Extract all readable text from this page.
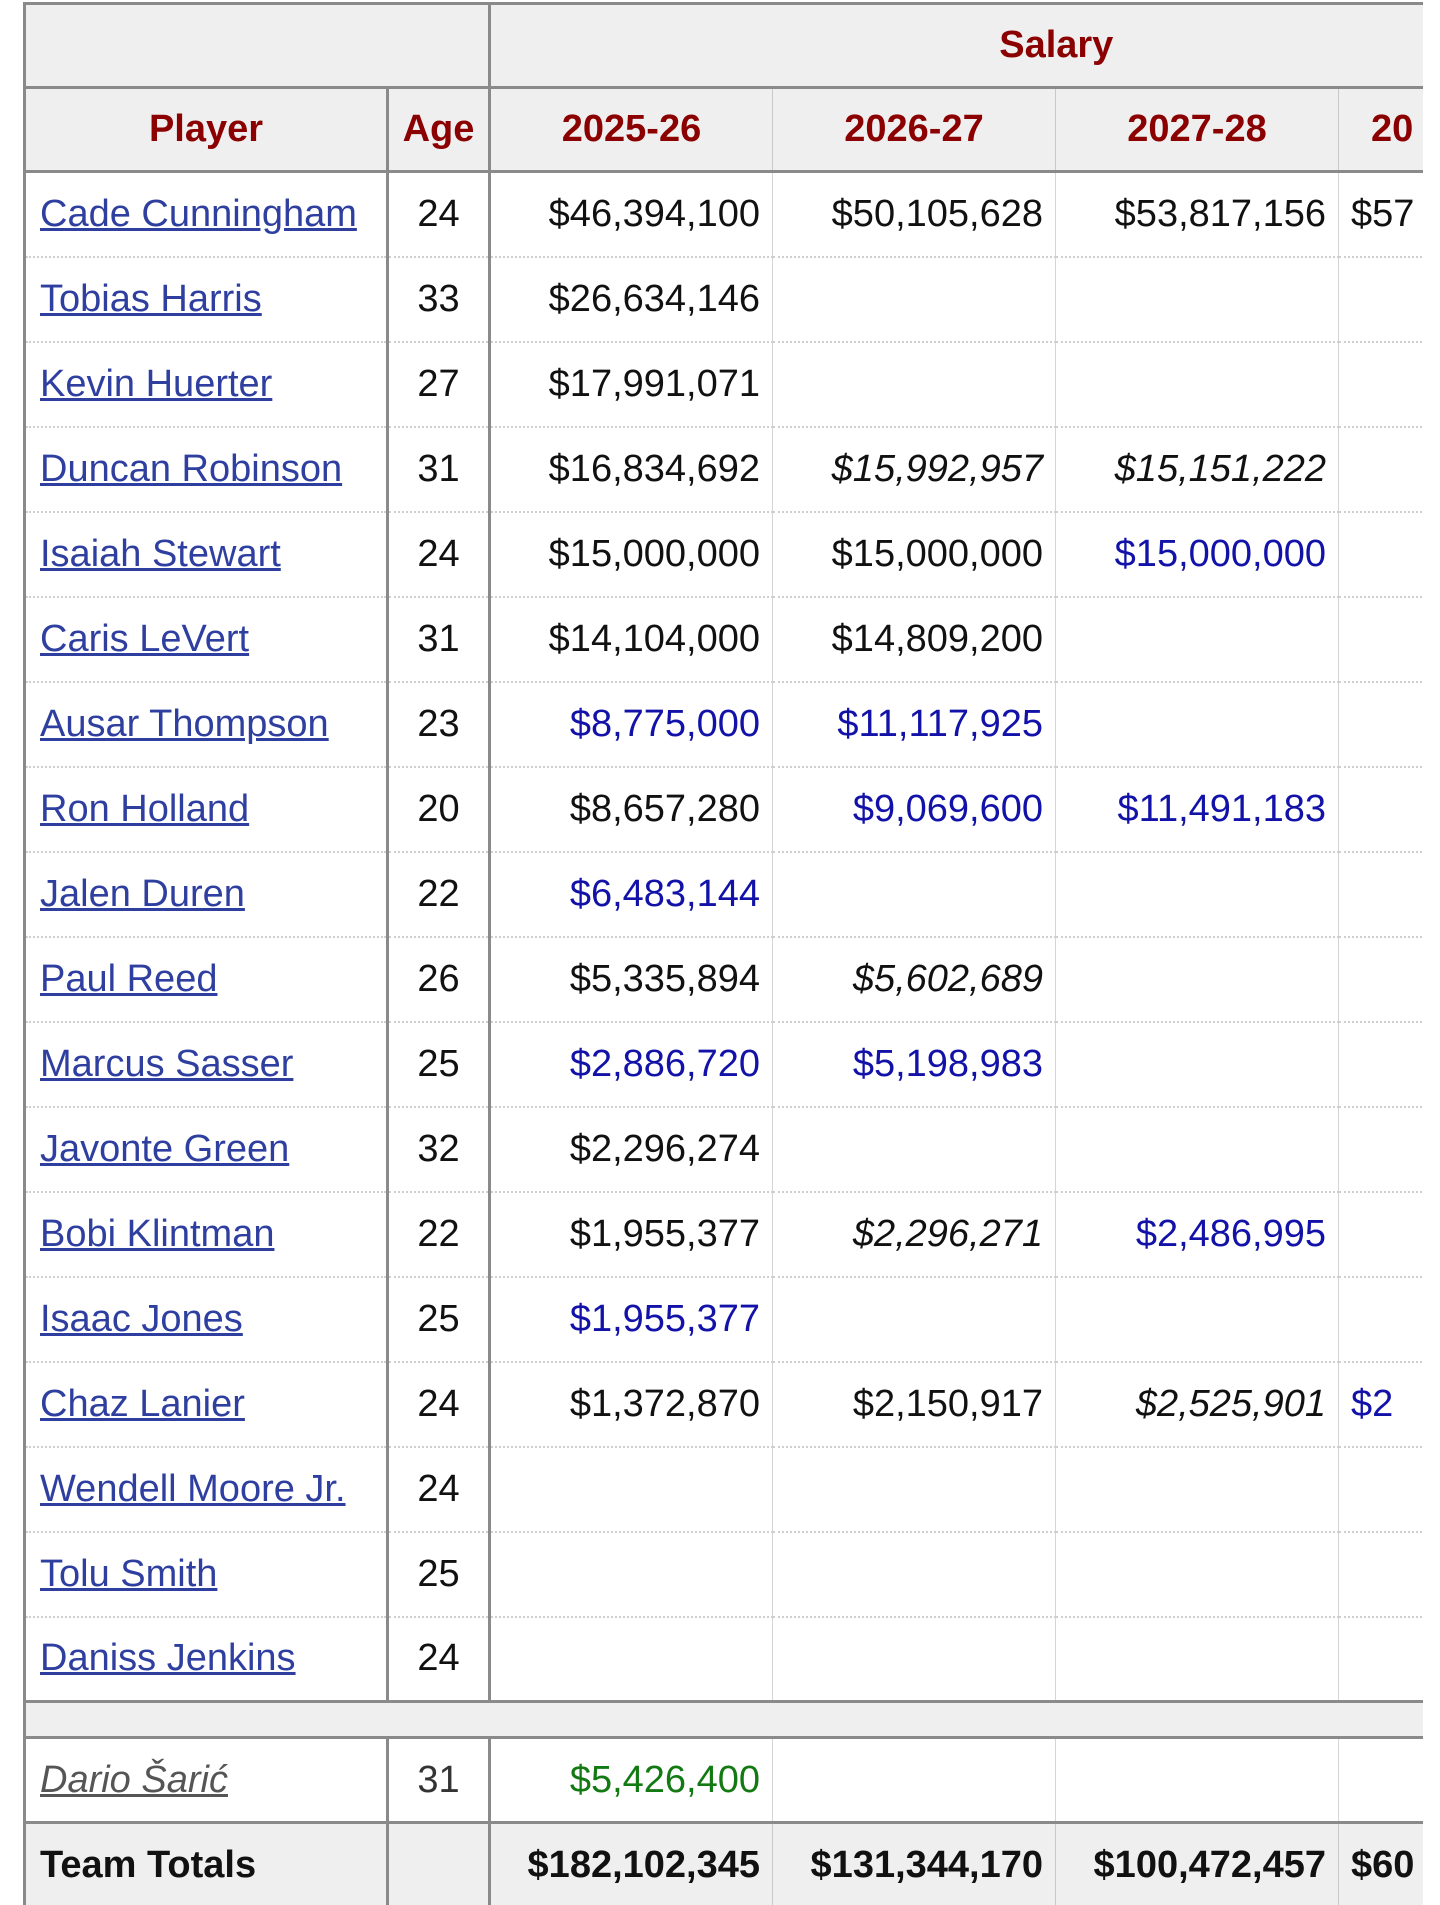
		Salary			
Player	Age	2025-26	2026-27	2027-28	20
Cade Cunningham	24	$46,394,100	$50,105,628	$53,817,156	$57
Tobias Harris	33	$26,634,146			
Kevin Huerter	27	$17,991,071			
Duncan Robinson	31	$16,834,692	$15,992,957	$15,151,222	
Isaiah Stewart	24	$15,000,000	$15,000,000	$15,000,000	
Caris LeVert	31	$14,104,000	$14,809,200		
Ausar Thompson	23	$8,775,000	$11,117,925		
Ron Holland	20	$8,657,280	$9,069,600	$11,491,183	
Jalen Duren	22	$6,483,144			
Paul Reed	26	$5,335,894	$5,602,689		
Marcus Sasser	25	$2,886,720	$5,198,983		
Javonte Green	32	$2,296,274			
Bobi Klintman	22	$1,955,377	$2,296,271	$2,486,995	
Isaac Jones	25	$1,955,377			
Chaz Lanier	24	$1,372,870	$2,150,917	$2,525,901	$2
Wendell Moore Jr.	24				
Tolu Smith	25				
Daniss Jenkins	24				

Dario Šarić	31	$5,426,400			
Team Totals		$182,102,345	$131,344,170	$100,472,457	$60
